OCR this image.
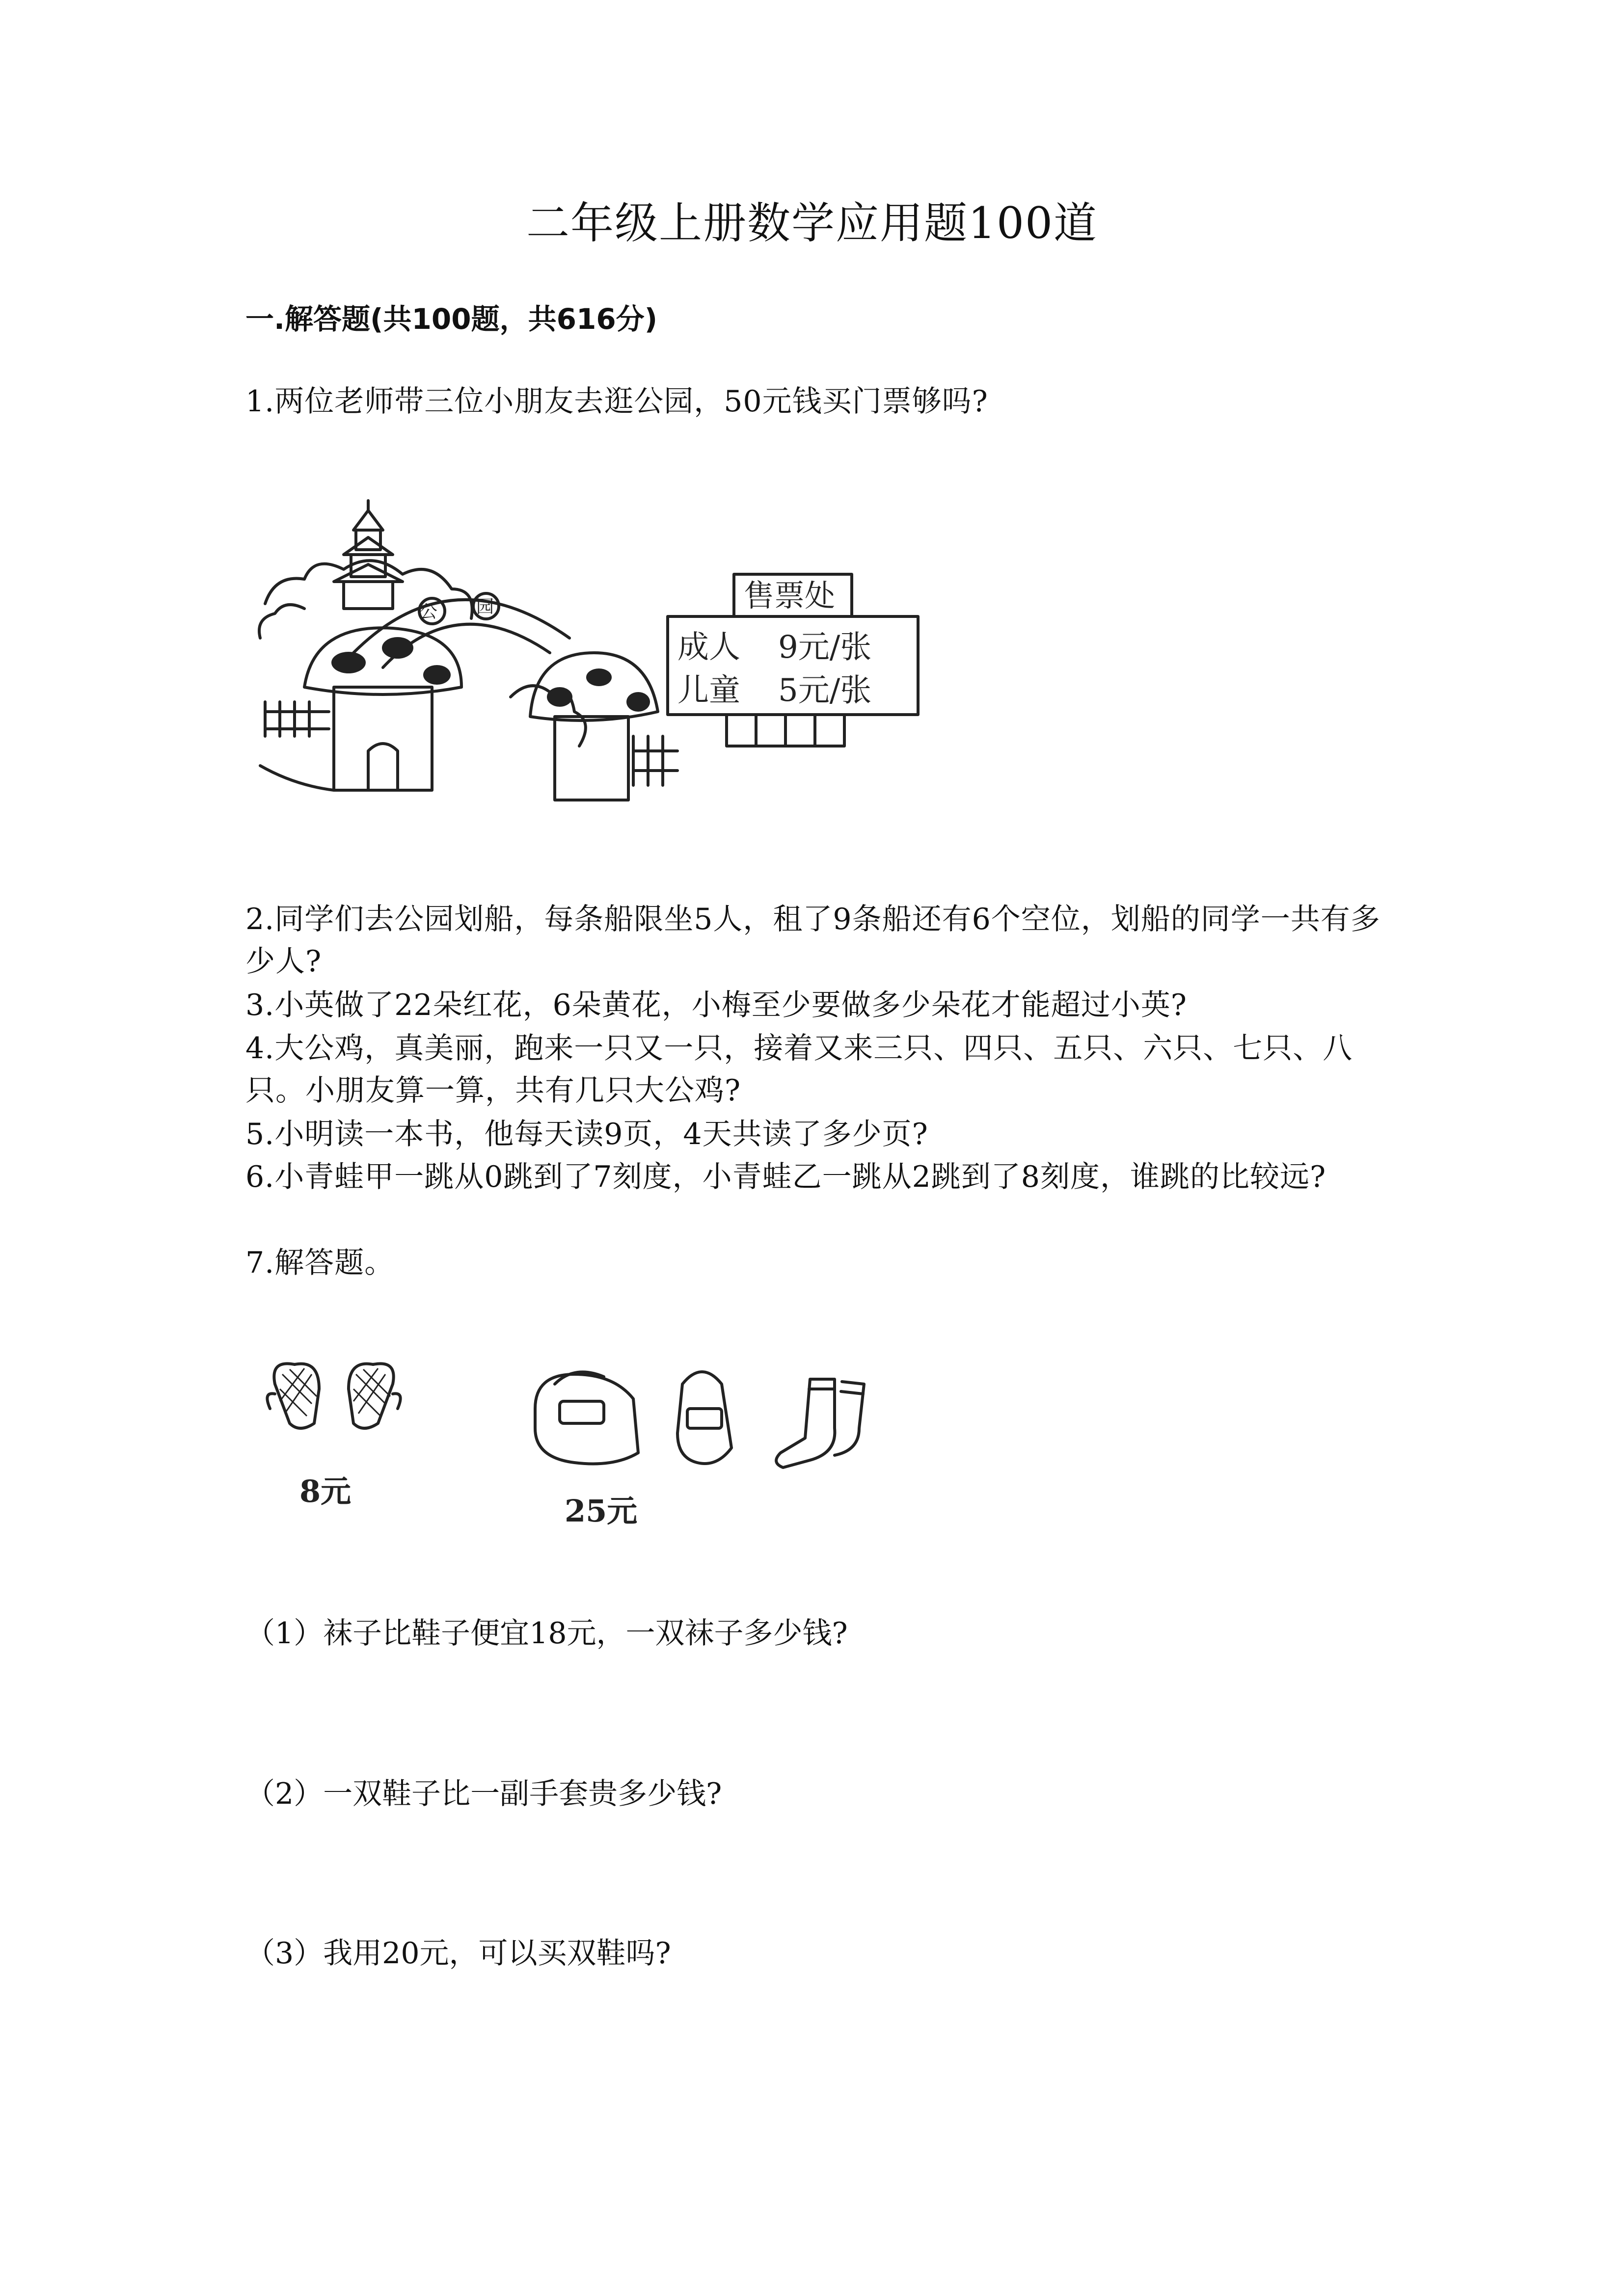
二年级上册数学应用题100道
一.解答题(共100题，共616分)
1.两位老师带三位小朋友去逛公园，50元钱买门票够吗?
公 园	售票处
成人 9元/张
儿童 5元/张
2.同学们去公园划船，每条船限坐5人，租了9条船还有6个空位，划船的同学一共有多少人?
3.小英做了22朵红花，6朵黄花，小梅至少要做多少朵花才能超过小英?
4.大公鸡，真美丽，跑来一只又一只，接着又来三只、四只、五只、六只、七只、八只。小朋友算一算，共有几只大公鸡?
5.小明读一本书，他每天读9页，4天共读了多少页?
6.小青蛙甲一跳从0跳到了7刻度，小青蛙乙一跳从2跳到了8刻度，谁跳的比较远?
7.解答题。
8元
25元
（1）袜子比鞋子便宜18元，一双袜子多少钱?
（2）一双鞋子比一副手套贵多少钱?
（3）我用20元，可以买双鞋吗?
